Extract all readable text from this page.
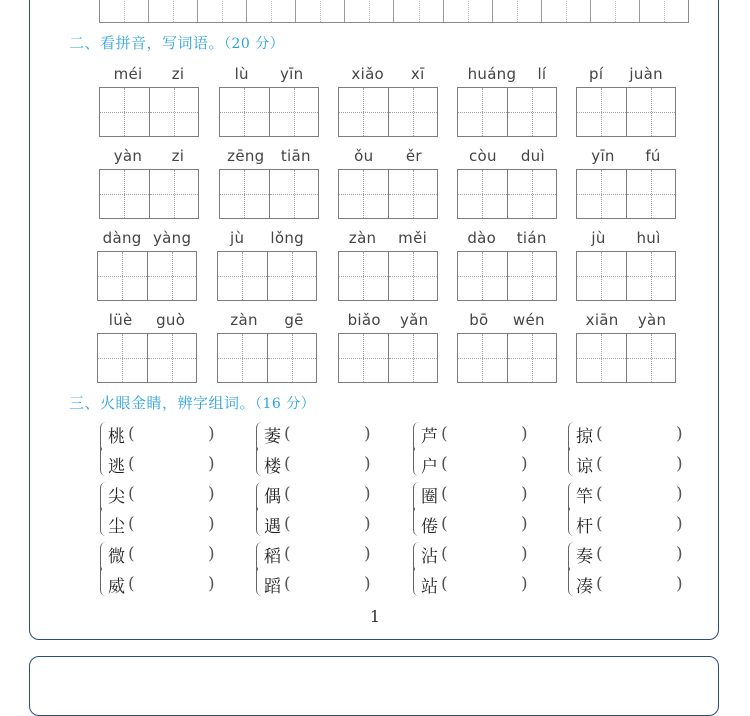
二、看拼音，写词语。（20 分）
méi zi	lù yīn	xiǎo xī	huáng lí	pí juàn
yàn zi	zēng tiān	ǒu ěr	còu duì	yīn fú
dàng yàng	jù lǒng	zàn měi	dào tián	jù huì
lüè guò	zàn gē	biǎo yǎn	bō wén	xiān yàn
三、火眼金睛，辨字组词。（16 分）
桃 (	)
逃 (	)
萎 (	)
楼 (	)
芦 (	)
户 (	)
掠 (	)
谅 (	)
尖 (	)
尘 (	)
偶 (	)
遇 (	)
圈 (	)
倦 (	)
竿 (	)
杆 (	)
微 (	)
威 (	)
稻 (	)
蹈 (	)
沾 (	)
站 (	)
奏 (	)
凑 (	)
1
